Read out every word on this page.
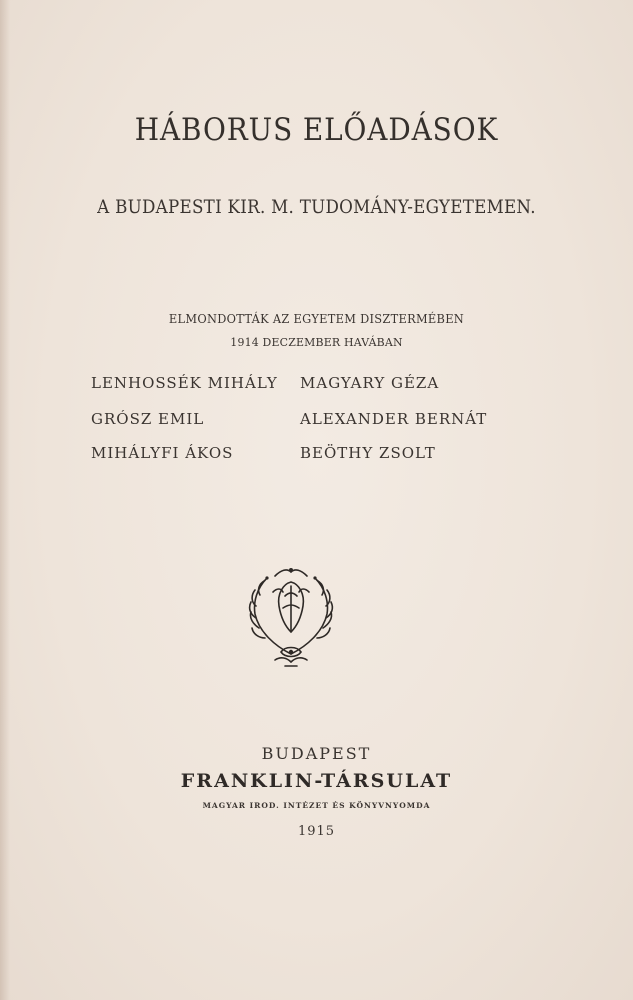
HÁBORUS ELŐADÁSOK
A BUDAPESTI KIR. M. TUDOMÁNY-EGYETEMEN.
ELMONDOTTÁK AZ EGYETEM DISZTERMÉBEN
1914 DECZEMBER HAVÁBAN
LENHOSSÉK MIHÁLY
GRÓSZ EMIL
MIHÁLYFI ÁKOS
MAGYARY GÉZA
ALEXANDER BERNÁT
BEÖTHY ZSOLT
BUDAPEST
FRANKLIN-TÁRSULAT
MAGYAR IROD. INTÉZET ÉS KÖNYVNYOMDA
1915
